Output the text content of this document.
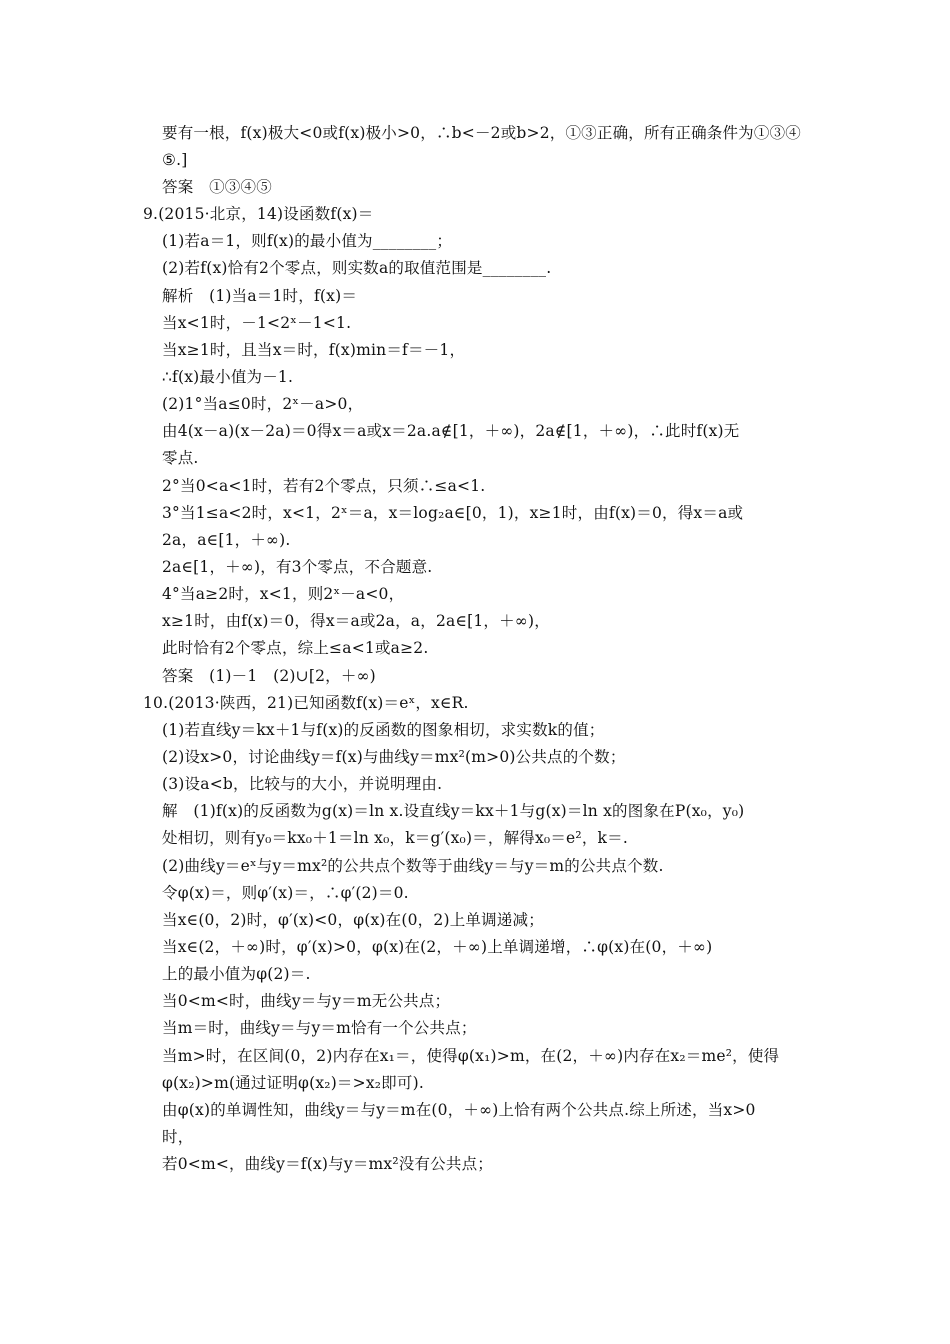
要有一根，f(x)极大<0或f(x)极小>0，∴b<－2或b>2，①③正确，所有正确条件为①③④
⑤.]
答案　①③④⑤
9.(2015·北京，14)设函数f(x)＝
(1)若a＝1，则f(x)的最小值为________；
(2)若f(x)恰有2个零点，则实数a的取值范围是________.
解析　(1)当a＝1时，f(x)＝
当x<1时，－1<2ˣ－1<1.
当x≥1时，且当x＝时，f(x)min＝f＝－1，
∴f(x)最小值为－1.
(2)1°当a≤0时，2ˣ－a>0，
由4(x－a)(x－2a)＝0得x＝a或x＝2a.a∉[1，＋∞)，2a∉[1，＋∞)，∴此时f(x)无
零点.
2°当0<a<1时，若有2个零点，只须∴≤a<1.
3°当1≤a<2时，x<1，2ˣ＝a，x＝log₂a∈[0，1)，x≥1时，由f(x)＝0，得x＝a或
2a，a∈[1，＋∞).
2a∈[1，＋∞)，有3个零点，不合题意.
4°当a≥2时，x<1，则2ˣ－a<0，
x≥1时，由f(x)＝0，得x＝a或2a，a，2a∈[1，＋∞)，
此时恰有2个零点，综上≤a<1或a≥2.
答案　(1)－1　(2)∪[2，＋∞)
10.(2013·陕西，21)已知函数f(x)＝eˣ，x∈R.
(1)若直线y＝kx＋1与f(x)的反函数的图象相切，求实数k的值；
(2)设x>0，讨论曲线y＝f(x)与曲线y＝mx²(m>0)公共点的个数；
(3)设a<b，比较与的大小，并说明理由.
解　(1)f(x)的反函数为g(x)＝ln x.设直线y＝kx＋1与g(x)＝ln x的图象在P(x₀，y₀)
处相切，则有y₀＝kx₀＋1＝ln x₀，k＝g′(x₀)＝，解得x₀＝e²，k＝.
(2)曲线y＝eˣ与y＝mx²的公共点个数等于曲线y＝与y＝m的公共点个数.
令φ(x)＝，则φ′(x)＝，∴φ′(2)＝0.
当x∈(0，2)时，φ′(x)<0，φ(x)在(0，2)上单调递减；
当x∈(2，＋∞)时，φ′(x)>0，φ(x)在(2，＋∞)上单调递增，∴φ(x)在(0，＋∞)
上的最小值为φ(2)＝.
当0<m<时，曲线y＝与y＝m无公共点；
当m＝时，曲线y＝与y＝m恰有一个公共点；
当m>时，在区间(0，2)内存在x₁＝，使得φ(x₁)>m，在(2，＋∞)内存在x₂＝me²，使得
φ(x₂)>m(通过证明φ(x₂)＝>x₂即可).
由φ(x)的单调性知，曲线y＝与y＝m在(0，＋∞)上恰有两个公共点.综上所述，当x>0
时，
若0<m<，曲线y＝f(x)与y＝mx²没有公共点；
